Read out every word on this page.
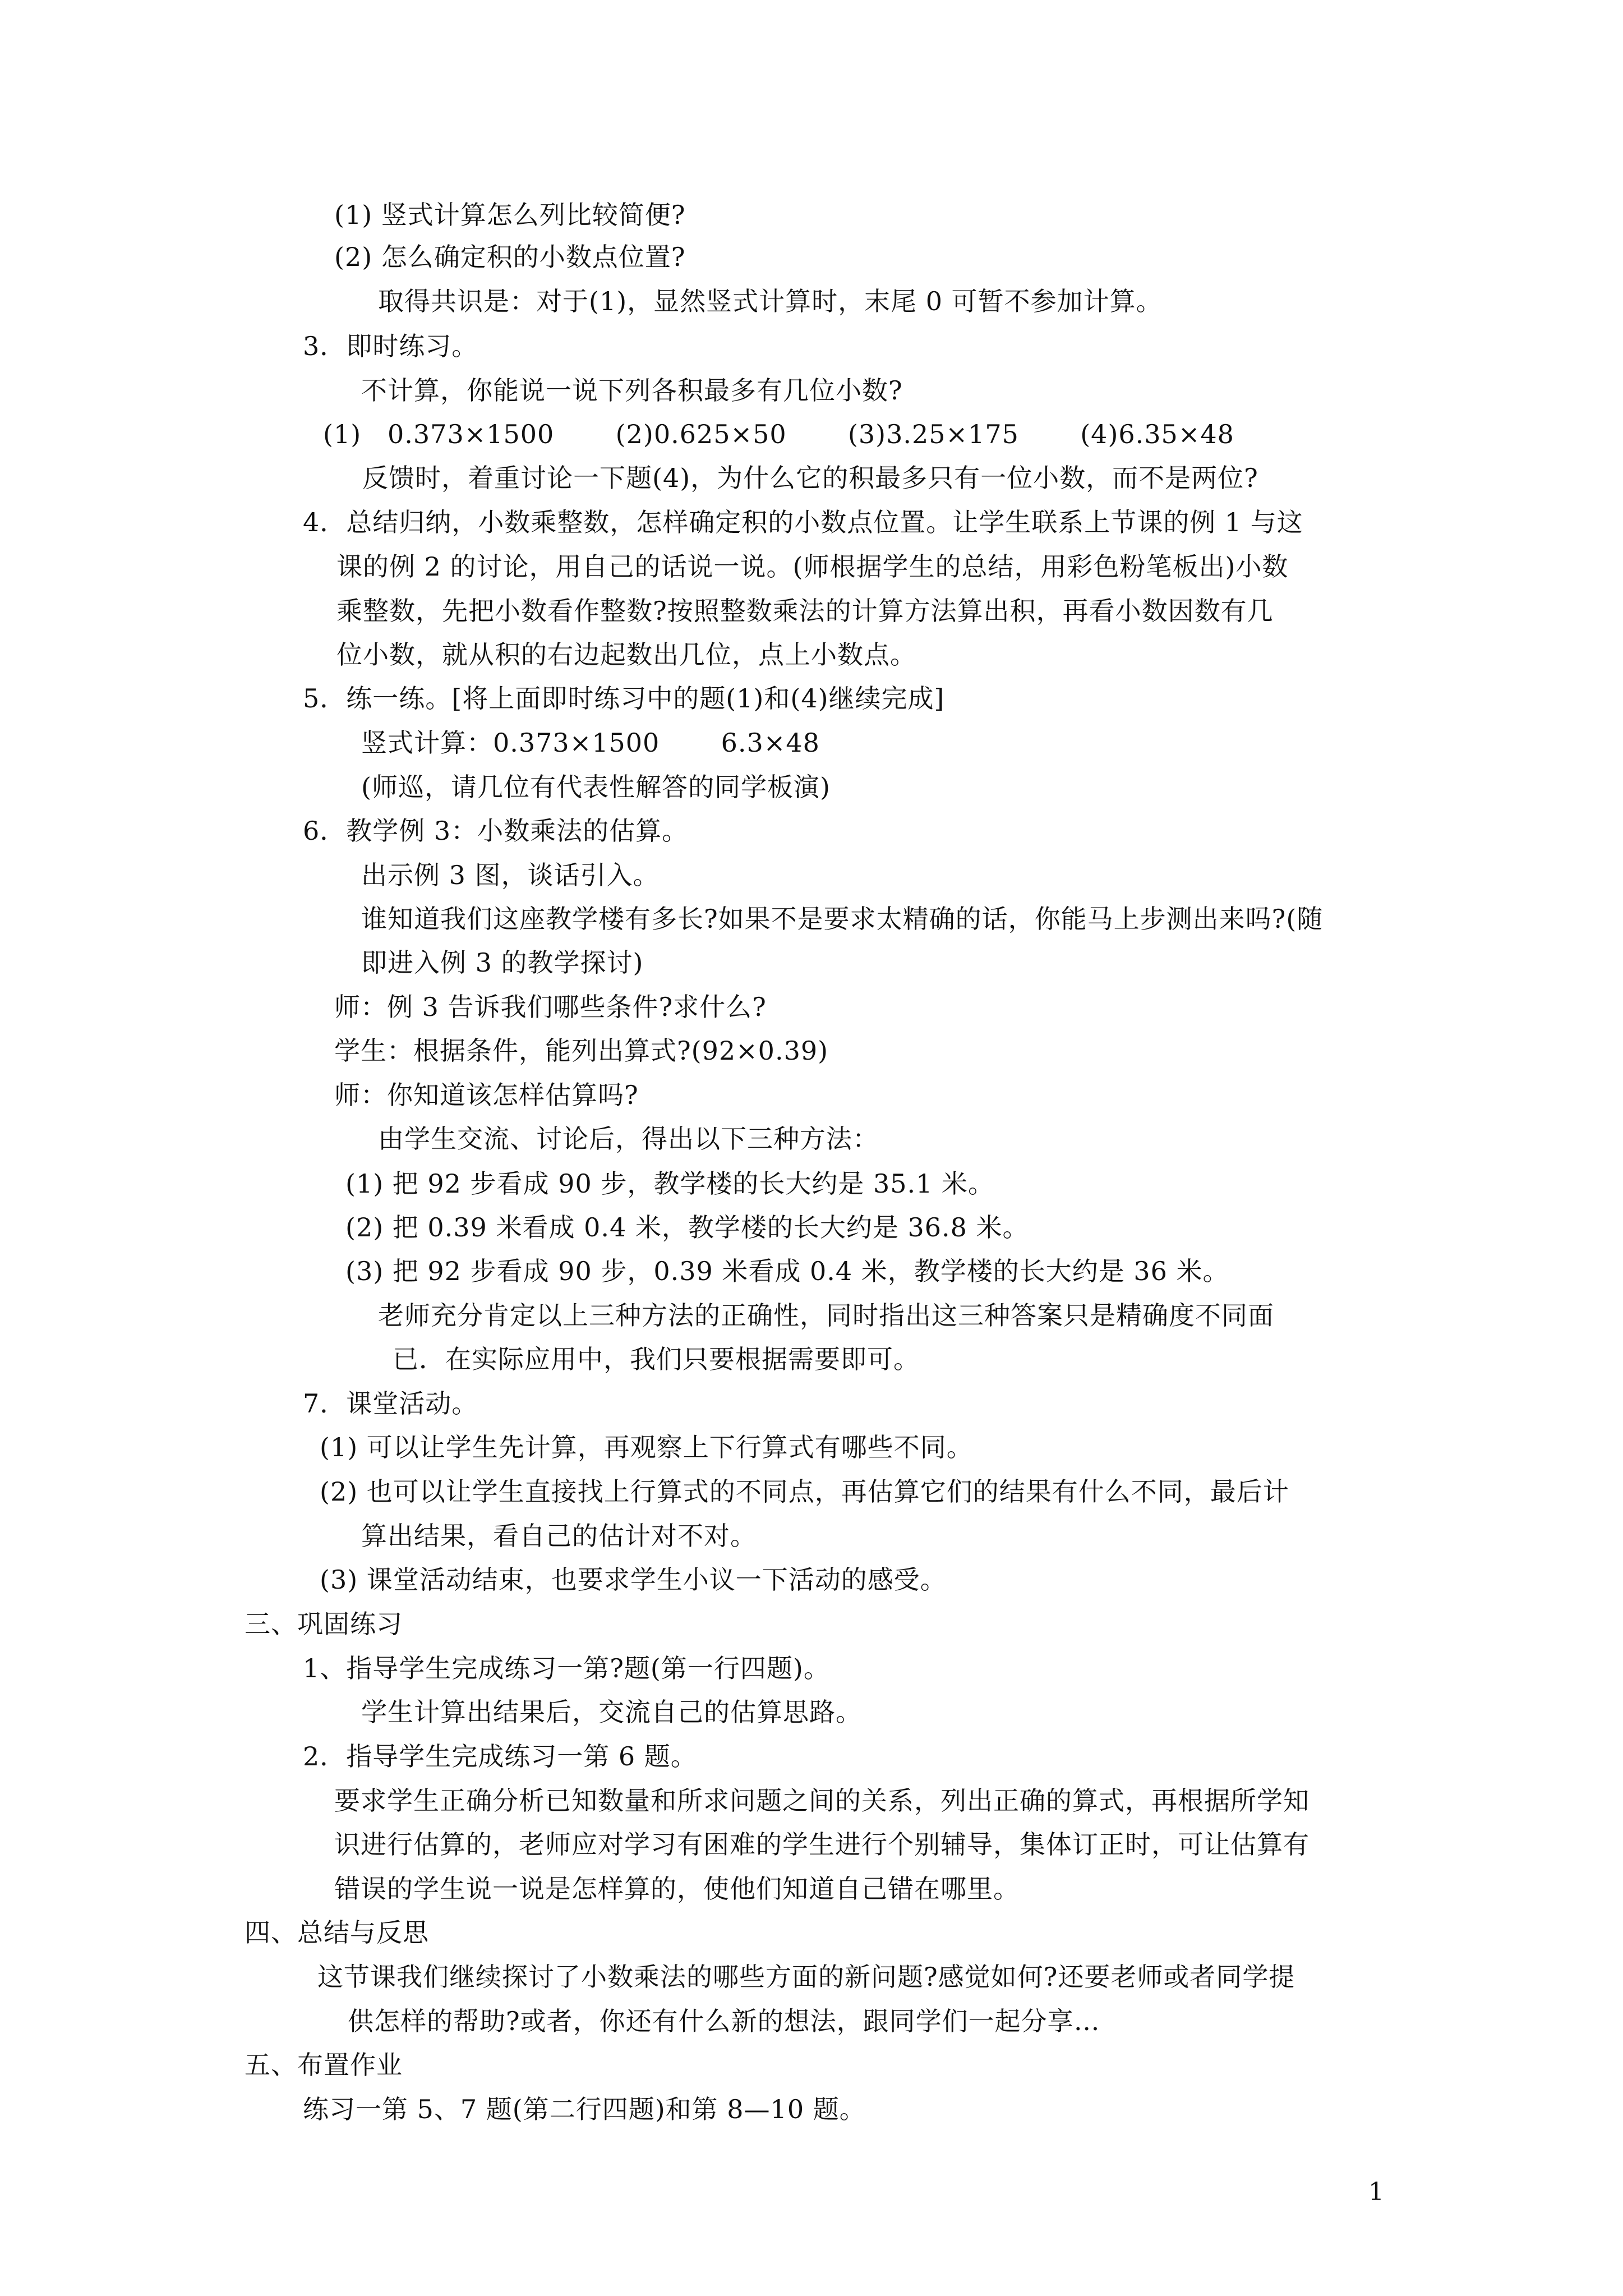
(1) 竖式计算怎么列比较简便?
(2) 怎么确定积的小数点位置?
取得共识是：对于(1)，显然竖式计算时，末尾 0 可暂不参加计算。
3．即时练习。
不计算，你能说一说下列各积最多有几位小数?
(1)   0.373×1500       (2)0.625×50       (3)3.25×175       (4)6.35×48
反馈时，着重讨论一下题(4)，为什么它的积最多只有一位小数，而不是两位?
4．总结归纳，小数乘整数，怎样确定积的小数点位置。让学生联系上节课的例 1 与这
课的例 2 的讨论，用自己的话说一说。(师根据学生的总结，用彩色粉笔板出)小数
乘整数，先把小数看作整数?按照整数乘法的计算方法算出积，再看小数因数有几
位小数，就从积的右边起数出几位，点上小数点。
5．练一练。[将上面即时练习中的题(1)和(4)继续完成]
竖式计算：0.373×1500       6.3×48
(师巡，请几位有代表性解答的同学板演)
6．教学例 3：小数乘法的估算。
出示例 3 图，谈话引入。
谁知道我们这座教学楼有多长?如果不是要求太精确的话，你能马上步测出来吗?(随
即进入例 3 的教学探讨)
师：例 3 告诉我们哪些条件?求什么?
学生：根据条件，能列出算式?(92×0.39)
师：你知道该怎样估算吗?
由学生交流、讨论后，得出以下三种方法：
(1) 把 92 步看成 90 步，教学楼的长大约是 35.1 米。
(2) 把 0.39 米看成 0.4 米，教学楼的长大约是 36.8 米。
(3) 把 92 步看成 90 步，0.39 米看成 0.4 米，教学楼的长大约是 36 米。
老师充分肯定以上三种方法的正确性，同时指出这三种答案只是精确度不同面
已．在实际应用中，我们只要根据需要即可。
7．课堂活动。
(1) 可以让学生先计算，再观察上下行算式有哪些不同。
(2) 也可以让学生直接找上行算式的不同点，再估算它们的结果有什么不同，最后计
算出结果，看自己的估计对不对。
(3) 课堂活动结束，也要求学生小议一下活动的感受。
三、巩固练习
1、指导学生完成练习一第?题(第一行四题)。
学生计算出结果后，交流自己的估算思路。
2．指导学生完成练习一第 6 题。
要求学生正确分析已知数量和所求问题之间的关系，列出正确的算式，再根据所学知
识进行估算的，老师应对学习有困难的学生进行个别辅导，集体订正时，可让估算有
错误的学生说一说是怎样算的，使他们知道自己错在哪里。
四、总结与反思
这节课我们继续探讨了小数乘法的哪些方面的新问题?感觉如何?还要老师或者同学提
供怎样的帮助?或者，你还有什么新的想法，跟同学们一起分享…
五、布置作业
练习一第 5、7 题(第二行四题)和第 8—10 题。
1
